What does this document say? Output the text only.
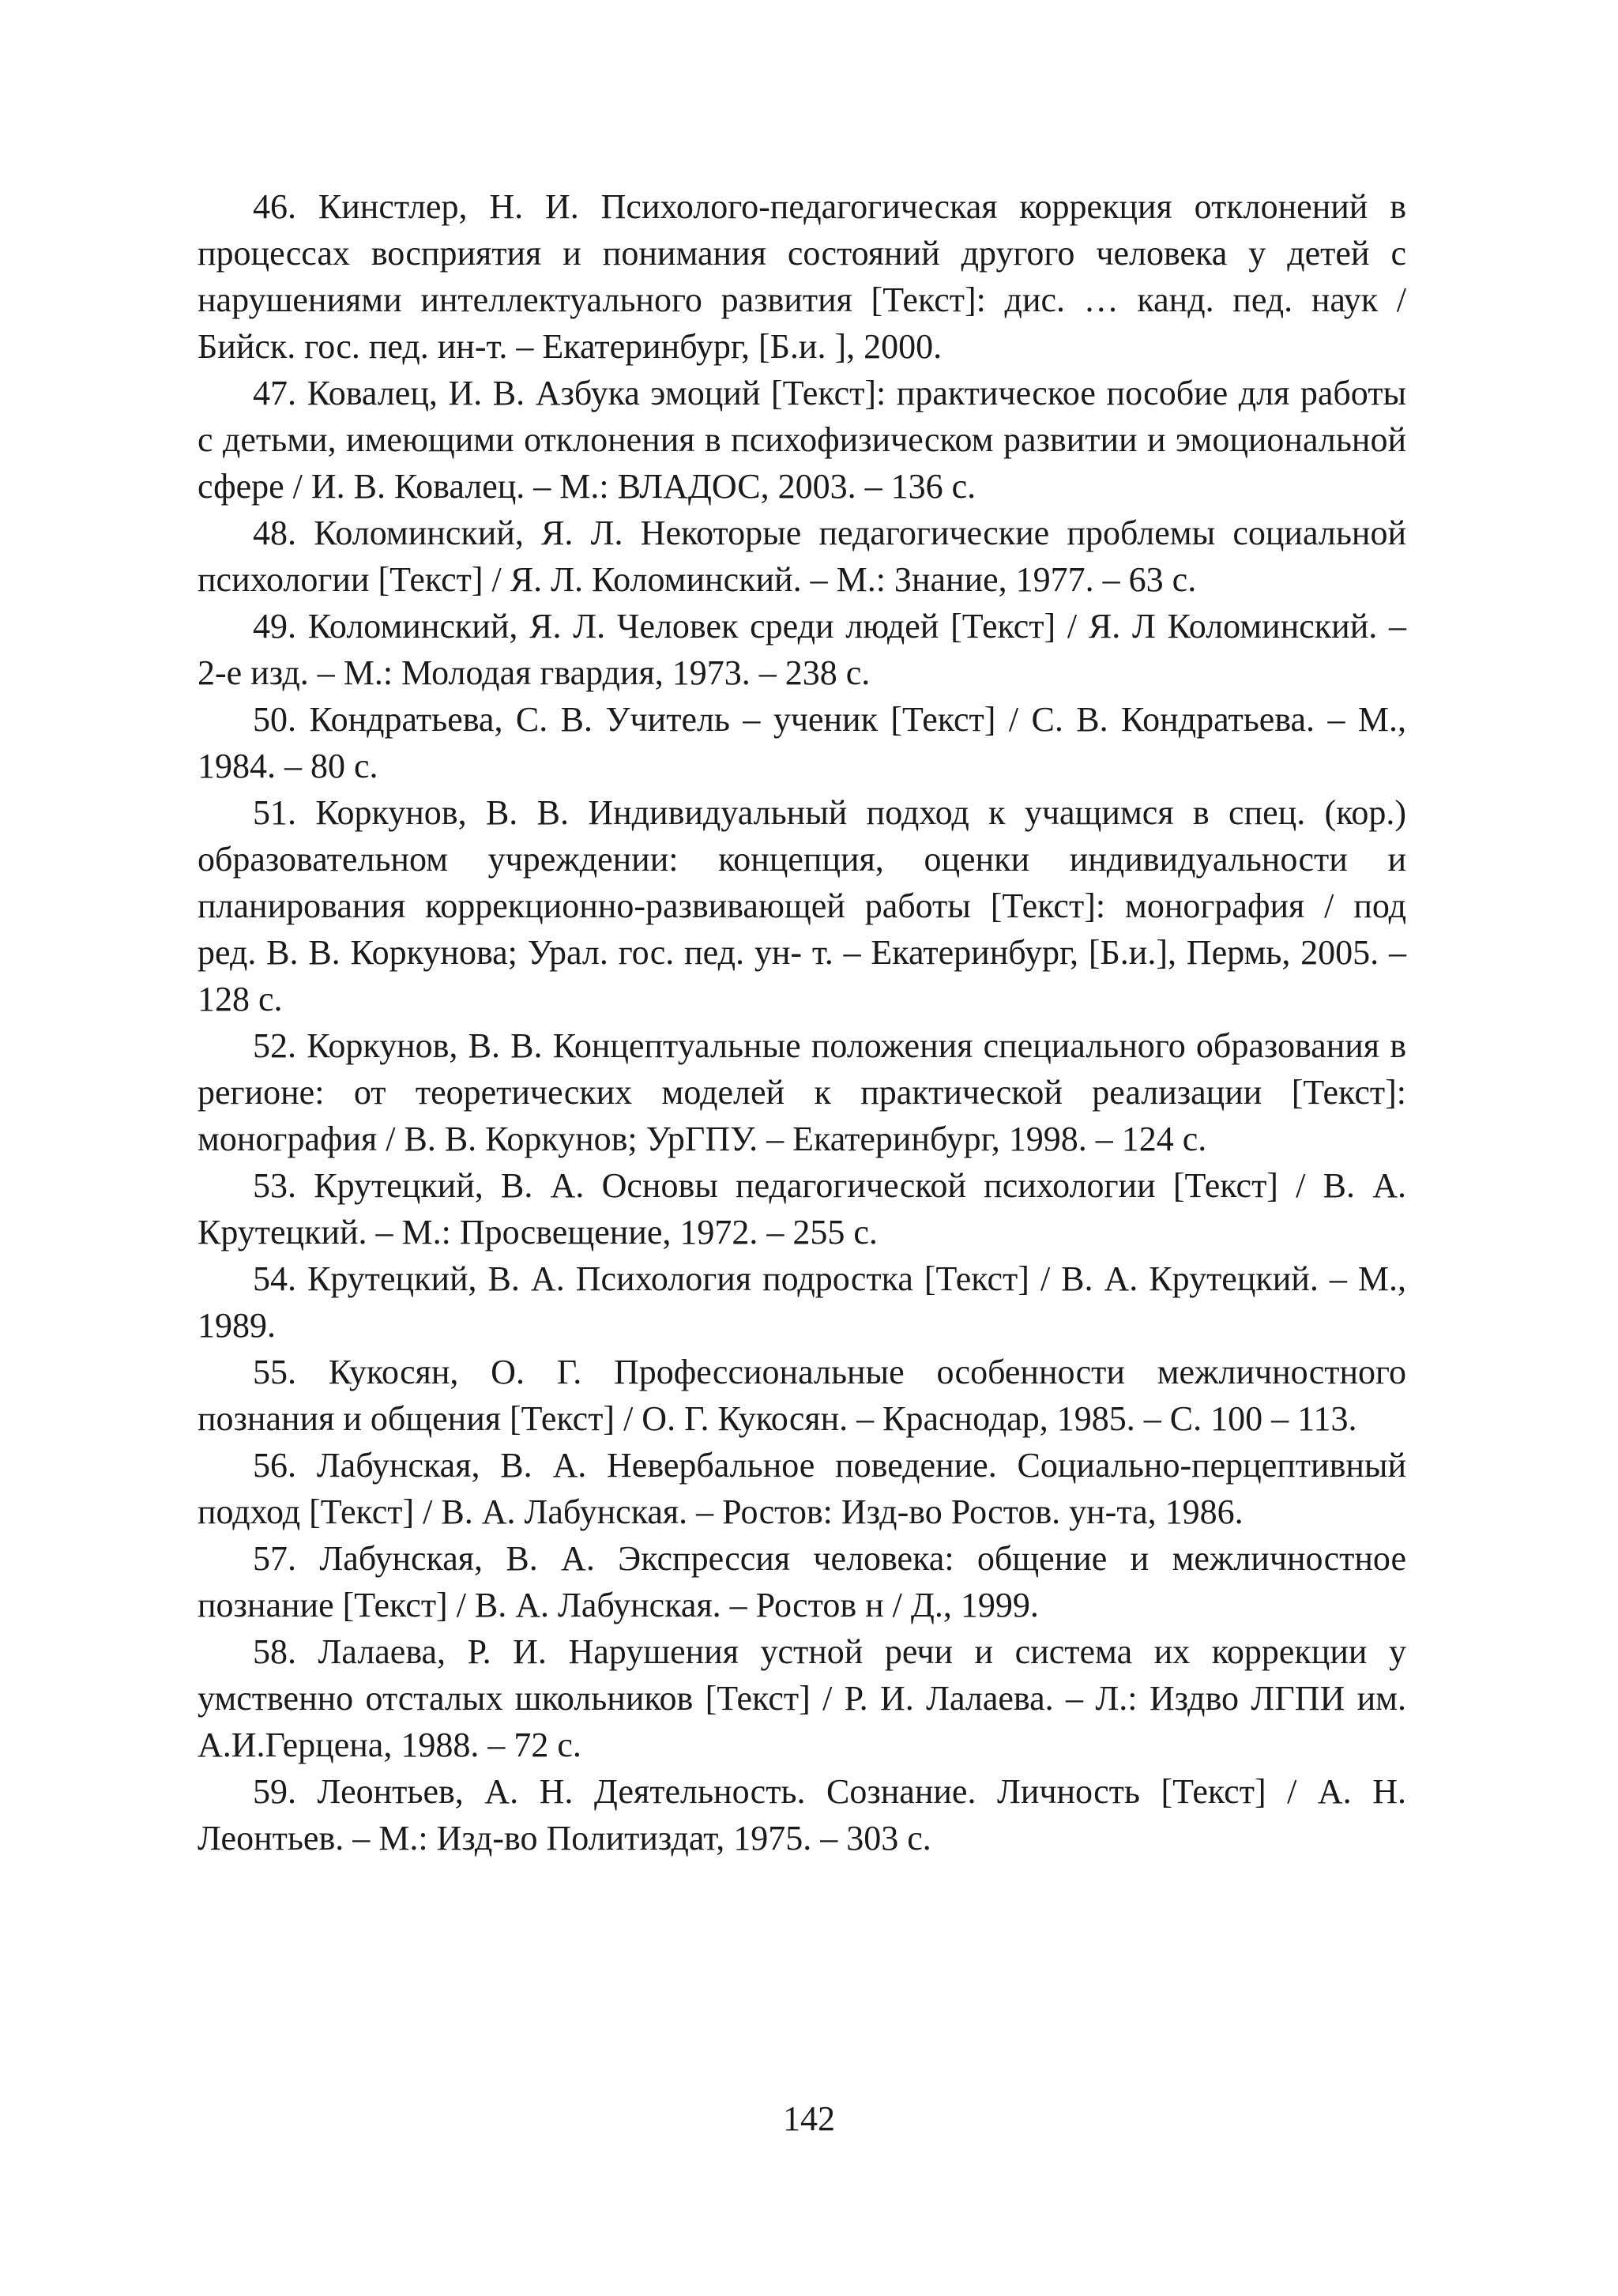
46. Кинстлер, Н. И. Психолого-педагогическая коррекция отклонений в процессах восприятия и понимания состояний другого человека у детей с нарушениями интеллектуального развития [Текст]: дис. … канд. пед. наук / Бийск. гос. пед. ин-т. – Екатеринбург, [Б.и. ], 2000.

47. Ковалец, И. В. Азбука эмоций [Текст]: практическое пособие для работы с детьми, имеющими отклонения в психофизическом развитии и эмоциональной сфере / И. В. Ковалец. – М.: ВЛАДОС, 2003. – 136 с.

48. Коломинский, Я. Л. Некоторые педагогические проблемы социальной психологии [Текст] / Я. Л. Коломинский. – М.: Знание, 1977. – 63 с.

49. Коломинский, Я. Л. Человек среди людей [Текст] / Я. Л Коломинский. – 2-е изд. – М.: Молодая гвардия, 1973. – 238 с.

50. Кондратьева, С. В. Учитель – ученик [Текст] / С. В. Кондратьева. – М., 1984. – 80 с.

51. Коркунов, В. В. Индивидуальный подход к учащимся в спец. (кор.) образовательном учреждении: концепция, оценки индивидуальности и планирования коррекционно-развивающей работы [Текст]: монография / под ред. В. В. Коркунова; Урал. гос. пед. ун- т. – Екатеринбург, [Б.и.], Пермь, 2005. – 128 с.

52. Коркунов, В. В. Концептуальные положения специального образования в регионе: от теоретических моделей к практической реализации [Текст]: монография / В. В. Коркунов; УрГПУ. – Екатеринбург, 1998. – 124 с.

53. Крутецкий, В. А. Основы педагогической психологии [Текст] / В. А. Крутецкий. – М.: Просвещение, 1972. – 255 с.

54. Крутецкий, В. А. Психология подростка [Текст] / В. А. Крутецкий. – М., 1989.

55. Кукосян, О. Г. Профессиональные особенности межличностного познания и общения [Текст] / О. Г. Кукосян. – Краснодар, 1985. – С. 100 – 113.

56. Лабунская, В. А. Невербальное поведение. Социально-перцептивный подход [Текст] / В. А. Лабунская. – Ростов: Изд-во Ростов. ун-та, 1986.

57. Лабунская, В. А. Экспрессия человека: общение и межличностное познание [Текст] / В. А. Лабунская. – Ростов н / Д., 1999.

58. Лалаева, Р. И. Нарушения устной речи и система их коррекции у умственно отсталых школьников [Текст] / Р. И. Лалаева. – Л.: Издво ЛГПИ им. А.И.Герцена, 1988. – 72 с.

59. Леонтьев, А. Н. Деятельность. Сознание. Личность [Текст] / А. Н. Леонтьев. – М.: Изд-во Политиздат, 1975. – 303 с.

142
